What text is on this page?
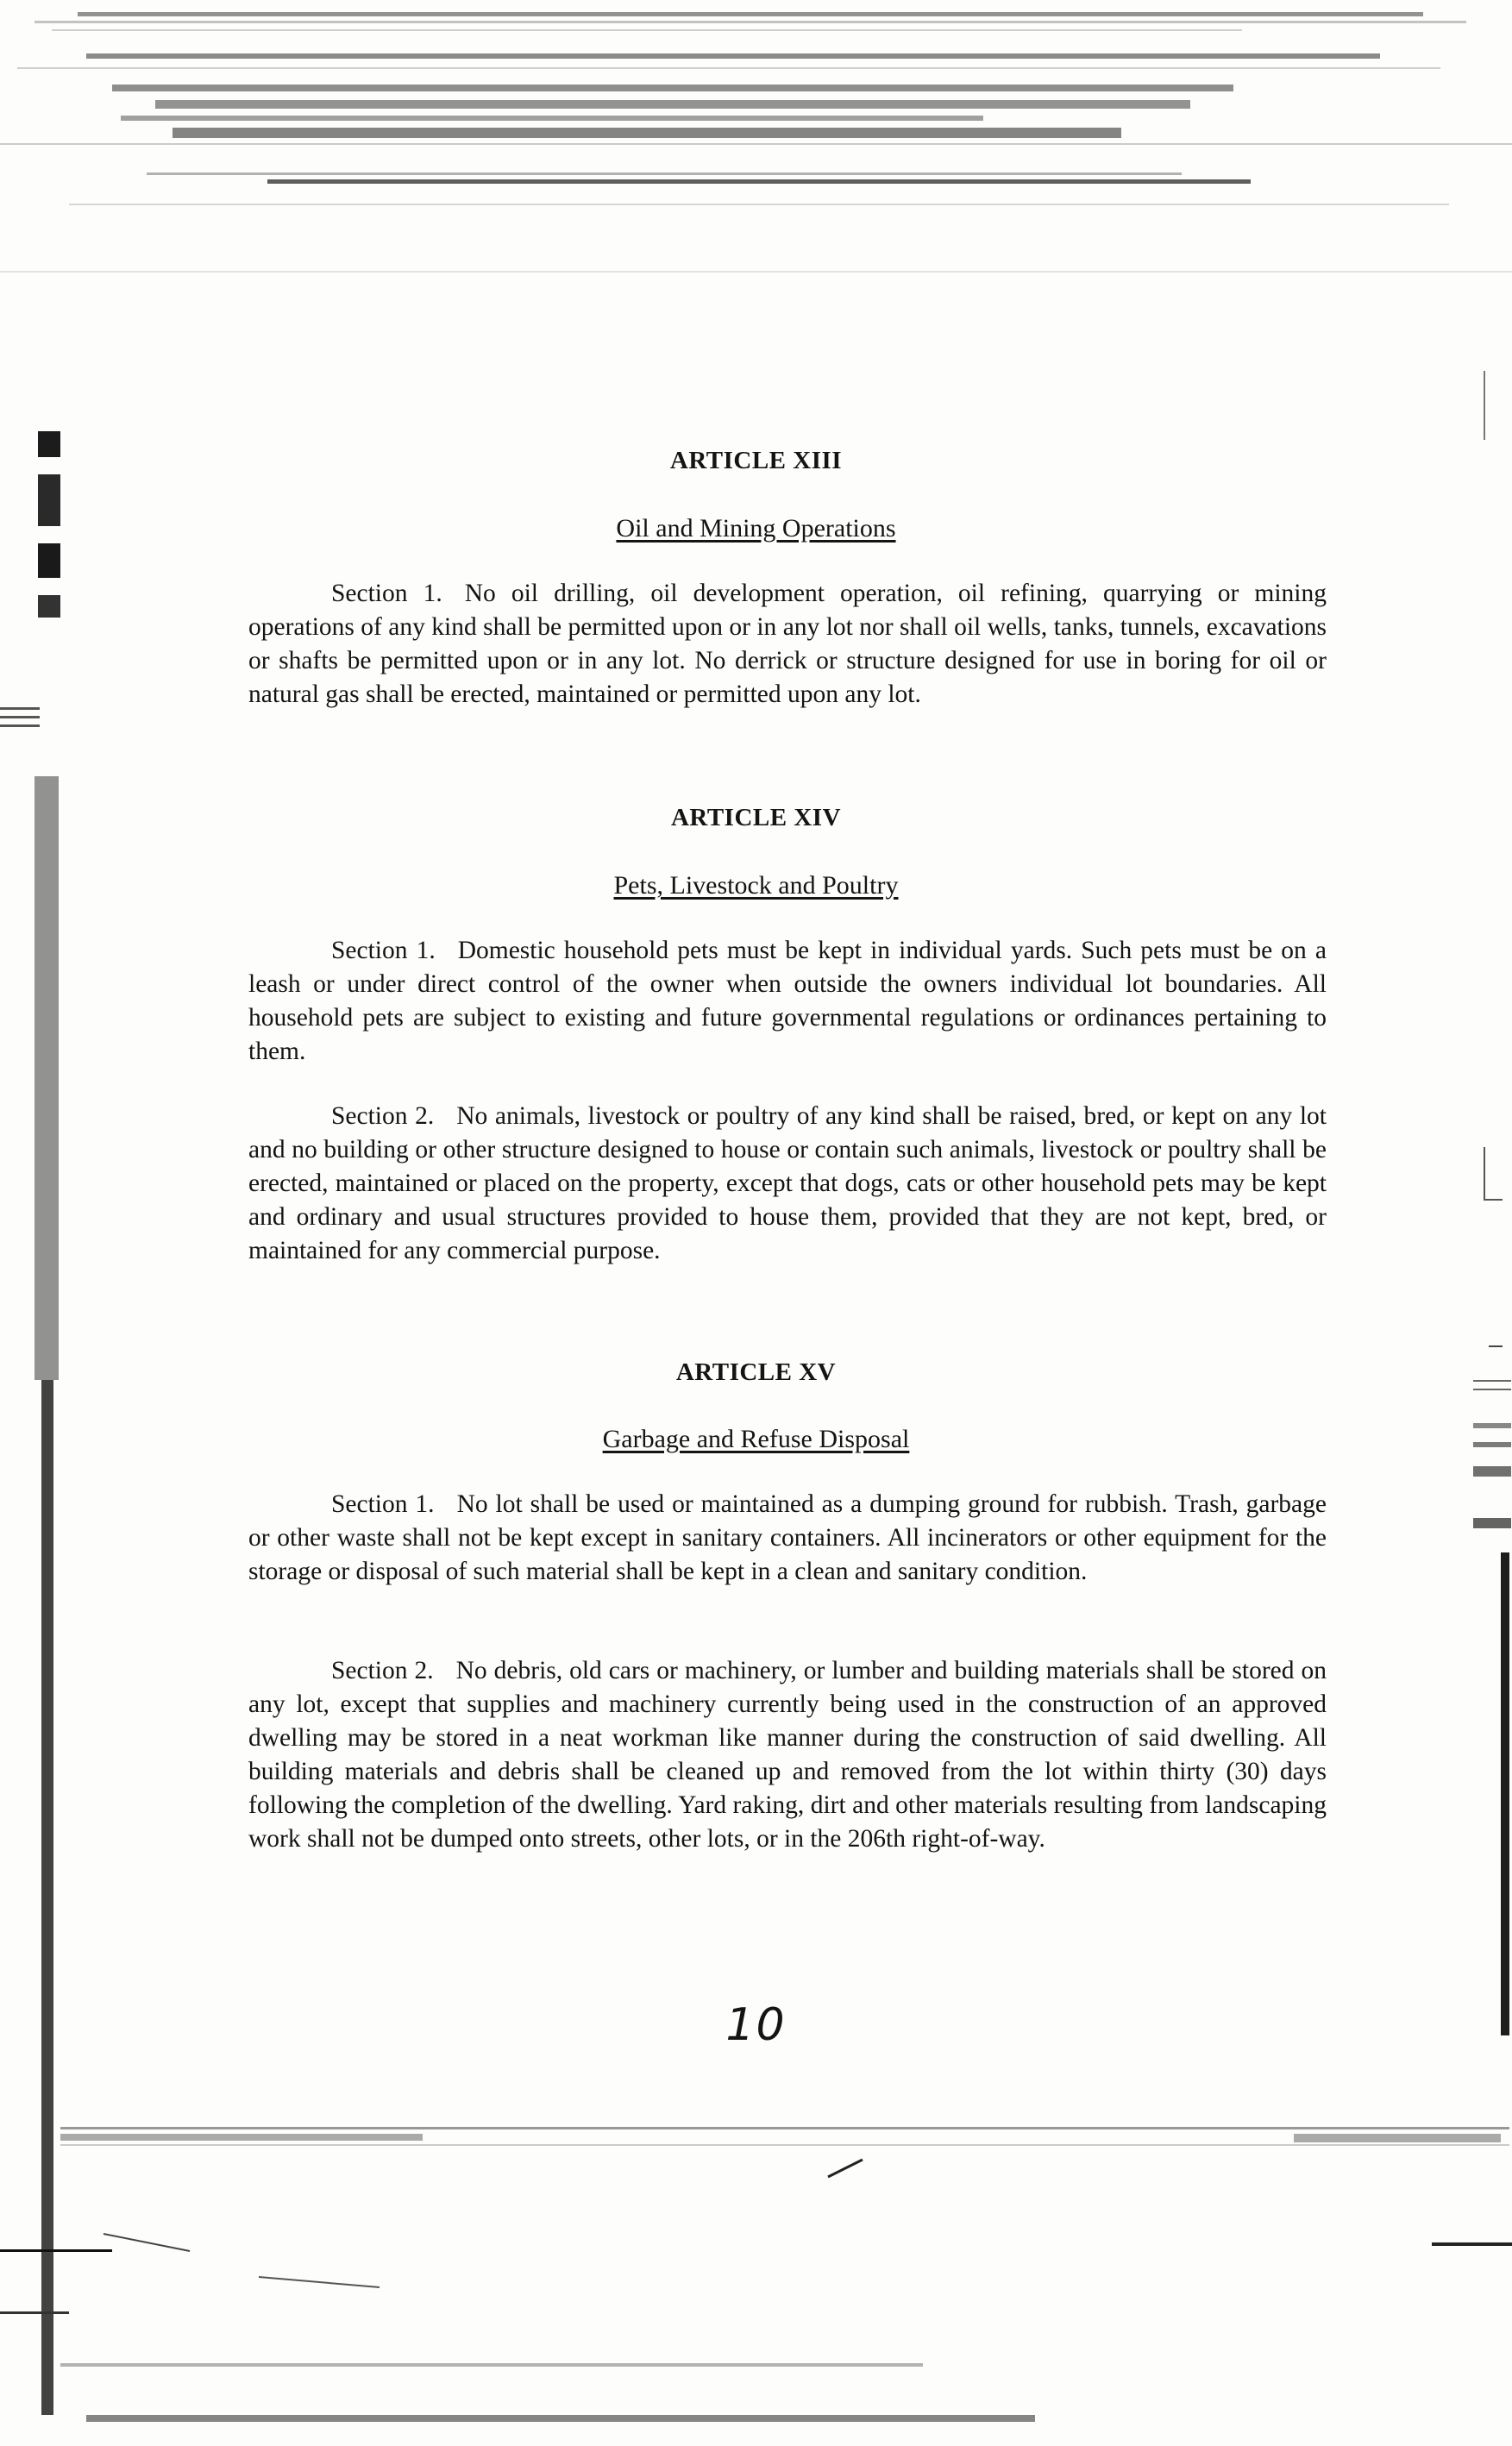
ARTICLE XIII
Oil and Mining Operations
Section 1. No oil drilling, oil development operation, oil refining, quarrying or mining operations of any kind shall be permitted upon or in any lot nor shall oil wells, tanks, tunnels, excavations or shafts be permitted upon or in any lot. No derrick or structure designed for use in boring for oil or natural gas shall be erected, maintained or permitted upon any lot.
ARTICLE XIV
Pets, Livestock and Poultry
Section 1. Domestic household pets must be kept in individual yards. Such pets must be on a leash or under direct control of the owner when outside the owners individual lot boundaries. All household pets are subject to existing and future governmental regulations or ordinances pertaining to them.
Section 2. No animals, livestock or poultry of any kind shall be raised, bred, or kept on any lot and no building or other structure designed to house or contain such animals, livestock or poultry shall be erected, maintained or placed on the property, except that dogs, cats or other household pets may be kept and ordinary and usual structures provided to house them, provided that they are not kept, bred, or maintained for any commercial purpose.
ARTICLE XV
Garbage and Refuse Disposal
Section 1. No lot shall be used or maintained as a dumping ground for rubbish. Trash, garbage or other waste shall not be kept except in sanitary containers. All incinerators or other equipment for the storage or disposal of such material shall be kept in a clean and sanitary condition.
Section 2. No debris, old cars or machinery, or lumber and building materials shall be stored on any lot, except that supplies and machinery currently being used in the construction of an approved dwelling may be stored in a neat workman like manner during the construction of said dwelling. All building materials and debris shall be cleaned up and removed from the lot within thirty (30) days following the completion of the dwelling. Yard raking, dirt and other materials resulting from landscaping work shall not be dumped onto streets, other lots, or in the 206th right-of-way.
10
